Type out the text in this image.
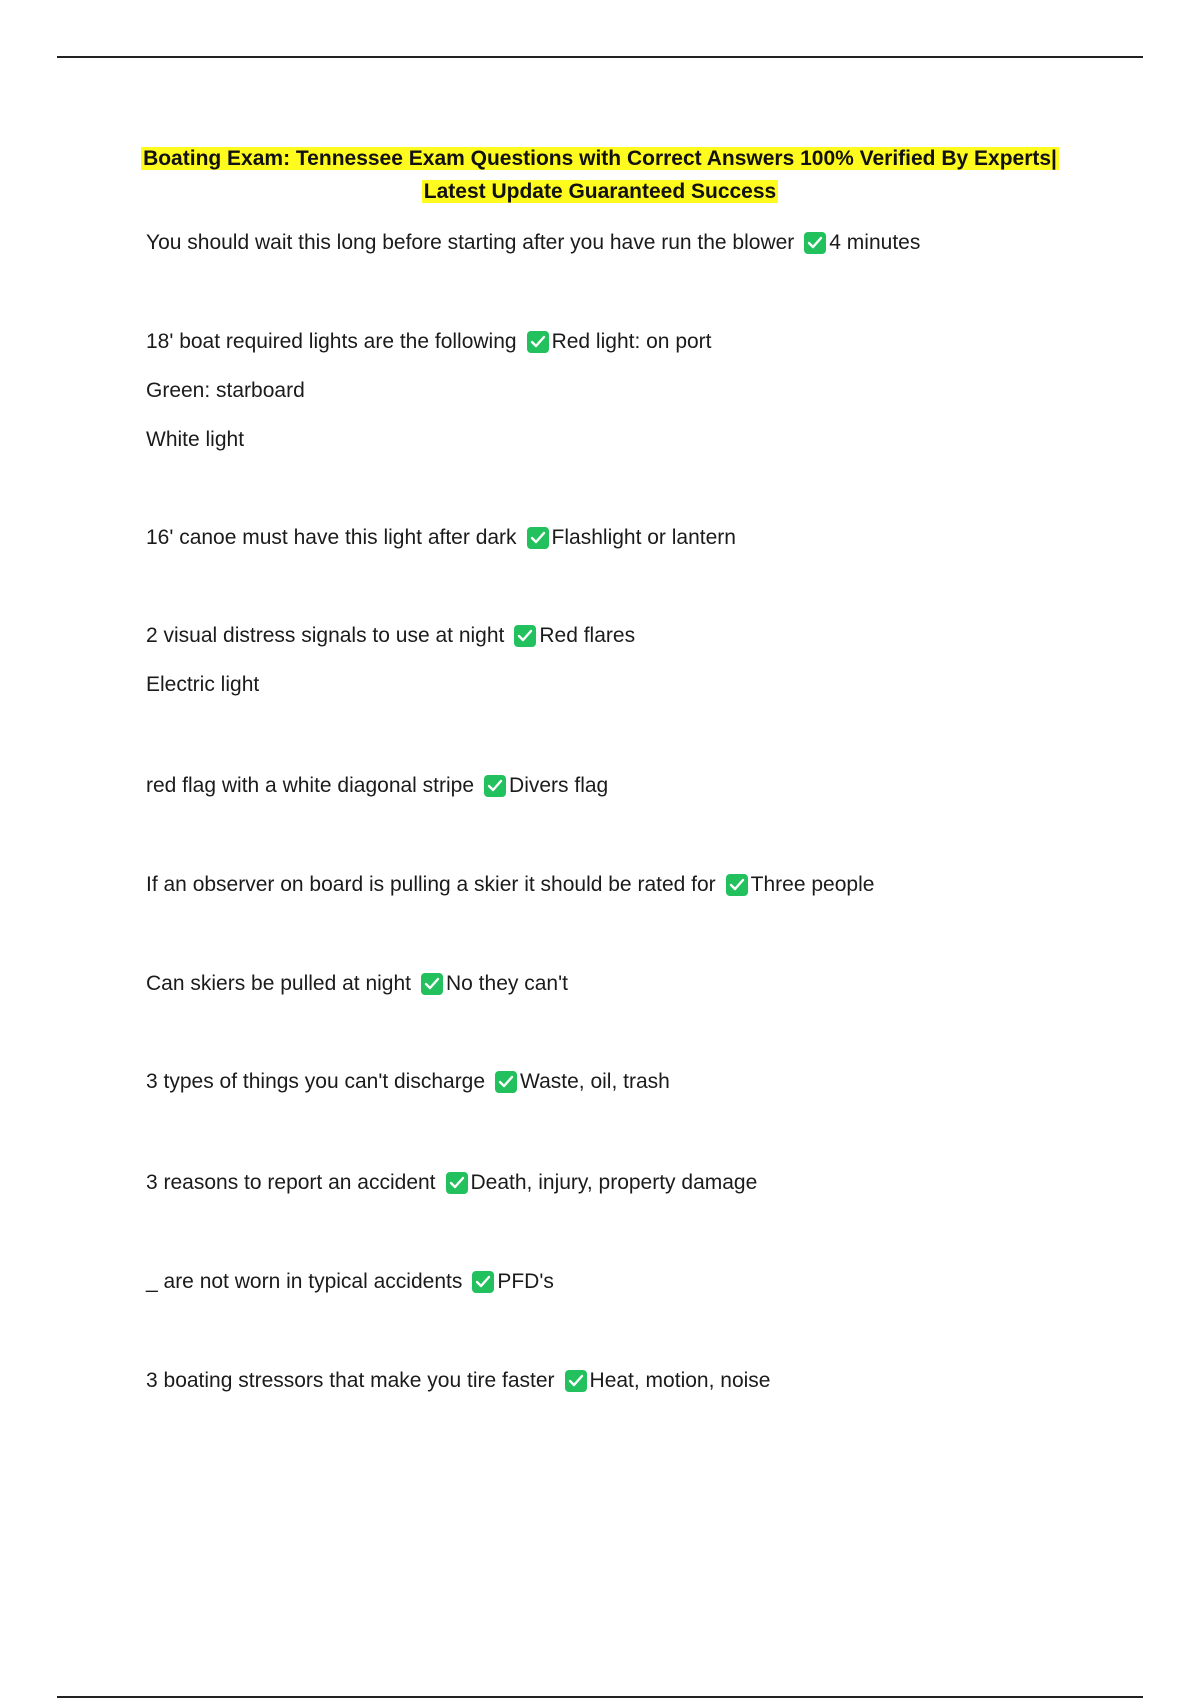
Boating Exam: Tennessee Exam Questions with Correct Answers 100% Verified By Experts|
Latest Update Guaranteed Success
You should wait this long before starting after you have run the blower 4 minutes
18' boat required lights are the following Red light: on port
Green: starboard
White light
16' canoe must have this light after dark Flashlight or lantern
2 visual distress signals to use at night Red flares
Electric light
red flag with a white diagonal stripe Divers flag
If an observer on board is pulling a skier it should be rated for Three people
Can skiers be pulled at night No they can't
3 types of things you can't discharge Waste, oil, trash
3 reasons to report an accident Death, injury, property damage
_ are not worn in typical accidents PFD's
3 boating stressors that make you tire faster Heat, motion, noise
